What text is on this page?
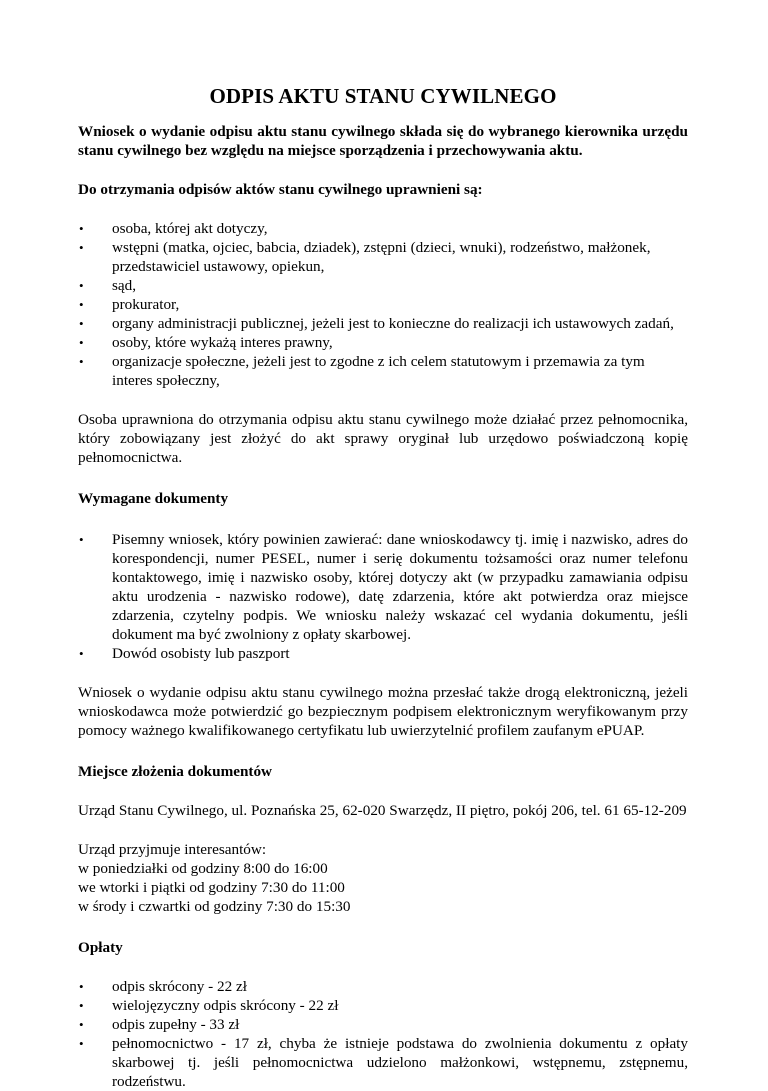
ODPIS AKTU STANU CYWILNEGO

Wniosek o wydanie odpisu aktu stanu cywilnego składa się do wybranego kierownika urzędu stanu cywilnego bez względu na miejsce sporządzenia i przechowywania aktu.

Do otrzymania odpisów aktów stanu cywilnego uprawnieni są:

• osoba, której akt dotyczy,
• wstępni (matka, ojciec, babcia, dziadek), zstępni (dzieci, wnuki), rodzeństwo, małżonek, przedstawiciel ustawowy, opiekun,
• sąd,
• prokurator,
• organy administracji publicznej, jeżeli jest to konieczne do realizacji ich ustawowych zadań,
• osoby, które wykażą interes prawny,
• organizacje społeczne, jeżeli jest to zgodne z ich celem statutowym i przemawia za tym interes społeczny,

Osoba uprawniona do otrzymania odpisu aktu stanu cywilnego może działać przez pełnomocnika, który zobowiązany jest złożyć do akt sprawy oryginał lub urzędowo poświadczoną kopię pełnomocnictwa.

Wymagane dokumenty

• Pisemny wniosek, który powinien zawierać: dane wnioskodawcy tj. imię i nazwisko, adres do korespondencji, numer PESEL, numer i serię dokumentu tożsamości oraz numer telefonu kontaktowego, imię i nazwisko osoby, której dotyczy akt (w przypadku zamawiania odpisu aktu urodzenia - nazwisko rodowe), datę zdarzenia, które akt potwierdza oraz miejsce zdarzenia, czytelny podpis. We wniosku należy wskazać cel wydania dokumentu, jeśli dokument ma być zwolniony z opłaty skarbowej.
• Dowód osobisty lub paszport

Wniosek o wydanie odpisu aktu stanu cywilnego można przesłać także drogą elektroniczną, jeżeli wnioskodawca może potwierdzić go bezpiecznym podpisem elektronicznym weryfikowanym przy pomocy ważnego kwalifikowanego certyfikatu lub uwierzytelnić profilem zaufanym ePUAP.

Miejsce złożenia dokumentów

Urząd Stanu Cywilnego, ul. Poznańska 25, 62-020 Swarzędz, II piętro, pokój 206, tel. 61 65-12-209

Urząd przyjmuje interesantów:

w poniedziałki od godziny 8:00 do 16:00

we wtorki i piątki od godziny 7:30 do 11:00

w środy i czwartki od godziny 7:30 do 15:30

Opłaty

• odpis skrócony - 22 zł
• wielojęzyczny odpis skrócony - 22 zł
• odpis zupełny - 33 zł
• pełnomocnictwo - 17 zł, chyba że istnieje podstawa do zwolnienia dokumentu z opłaty skarbowej tj. jeśli pełnomocnictwa udzielono małżonkowi, wstępnemu, zstępnemu, rodzeństwu.
